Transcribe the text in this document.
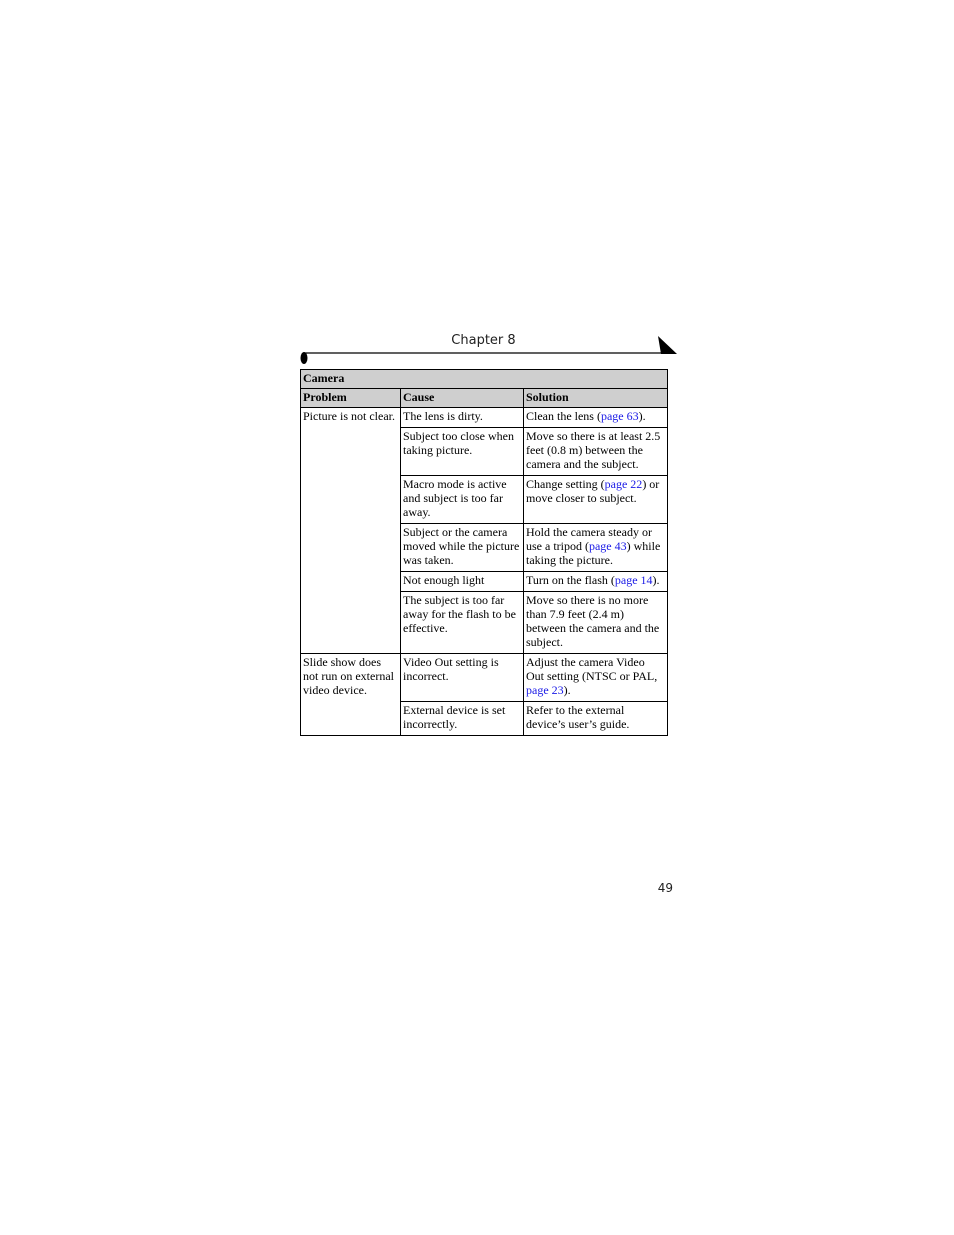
Chapter 8
Camera		
Problem	Cause	Solution
Picture is not clear.	The lens is dirty.	Clean the lens (page 63).
	Subject too close when taking picture.	Move so there is at least 2.5 feet (0.8 m) between the camera and the subject.
	Macro mode is active and subject is too far away.	Change setting (page 22) or move closer to subject.
	Subject or the camera moved while the picture was taken.	Hold the camera steady or use a tripod (page 43) while taking the picture.
	Not enough light	Turn on the flash (page 14).
	The subject is too far away for the flash to be effective.	Move so there is no more than 7.9 feet (2.4 m) between the camera and the subject.
Slide show does not run on external video device.	Video Out setting is incorrect.	Adjust the camera Video Out setting (NTSC or PAL, page 23).
	External device is set incorrectly.	Refer to the external device’s user’s guide.
49
